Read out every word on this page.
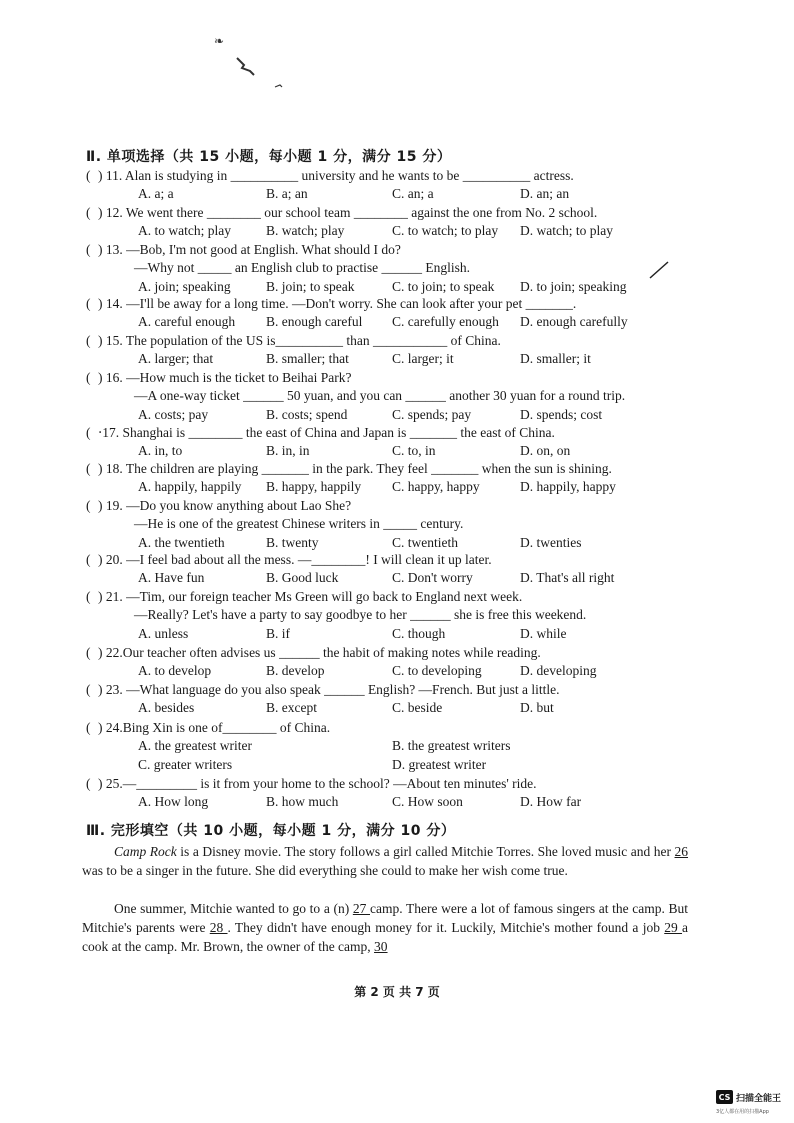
❧
Ⅱ. 单项选择（共 15 小题，每小题 1 分，满分 15 分）
( ) 11. Alan is studying in __________ university and he wants to be __________ actress.
A. a; a	B. a; an	C. an; a	D. an; an
( ) 12. We went there ________ our school team ________ against the one from No. 2 school.
A. to watch; play	B. watch; play	C. to watch; to play D. watch; to play
( ) 13. —Bob, I'm not good at English. What should I do?
—Why not _____ an English club to practise ______ English.
A. join; speaking	B. join; to speak	C. to join; to speak D. to join; speaking
( ) 14. —I'll be away for a long time. —Don't worry. She can look after your pet _______.
A. careful enough B. enough careful C. carefully enough D. enough carefully
( ) 15. The population of the US is__________ than ___________ of China.
A. larger; that	B. smaller; that	C. larger; it	D. smaller; it
( ) 16. —How much is the ticket to Beihai Park?
—A one-way ticket ______ 50 yuan, and you can ______ another 30 yuan for a round trip.
A. costs; pay	B. costs; spend	C. spends; pay	D. spends; cost
( ‧17. Shanghai is ________ the east of China and Japan is _______ the east of China.
A. in, to	B. in, in	C. to, in	D. on, on
( ) 18. The children are playing _______ in the park. They feel _______ when the sun is shining.
A. happily, happily B. happy, happily C. happy, happy	D. happily, happy
( ) 19. —Do you know anything about Lao She?
—He is one of the greatest Chinese writers in _____ century.
A. the twentieth	B. twenty	C. twentieth	D. twenties
( ) 20. —I feel bad about all the mess. —________! I will clean it up later.
A. Have fun	B. Good luck	C. Don't worry	D. That's all right
( ) 21. —Tim, our foreign teacher Ms Green will go back to England next week.
—Really? Let's have a party to say goodbye to her ______ she is free this weekend.
A. unless	B. if	C. though	D. while
( ) 22.Our teacher often advises us ______ the habit of making notes while reading.
A. to develop	B. develop	C. to developing	D. developing
( ) 23. —What language do you also speak ______ English? —French. But just a little.
A. besides	B. except	C. beside	D. but
( ) 24.Bing Xin is one of________ of China.
A. the greatest writer	B. the greatest writers
C. greater writers	D. greatest writer
( ) 25.—_________ is it from your home to the school? —About ten minutes' ride.
A. How long	B. how much	C. How soon	D. How far
Ⅲ. 完形填空（共 10 小题，每小题 1 分，满分 10 分）
Camp Rock is a Disney movie. The story follows a girl called Mitchie Torres. She loved music and her 26 was to be a singer in the future. She did everything she could to make her wish come true.
One summer, Mitchie wanted to go to a (n) 27 camp. There were a lot of famous singers at the camp. But Mitchie's parents were 28 . They didn't have enough money for it. Luckily, Mitchie's mother found a job 29 a cook at the camp. Mr. Brown, the owner of the camp, 30
第 2 页 共 7 页
CS 扫描全能王
3亿人都在用的扫描App
